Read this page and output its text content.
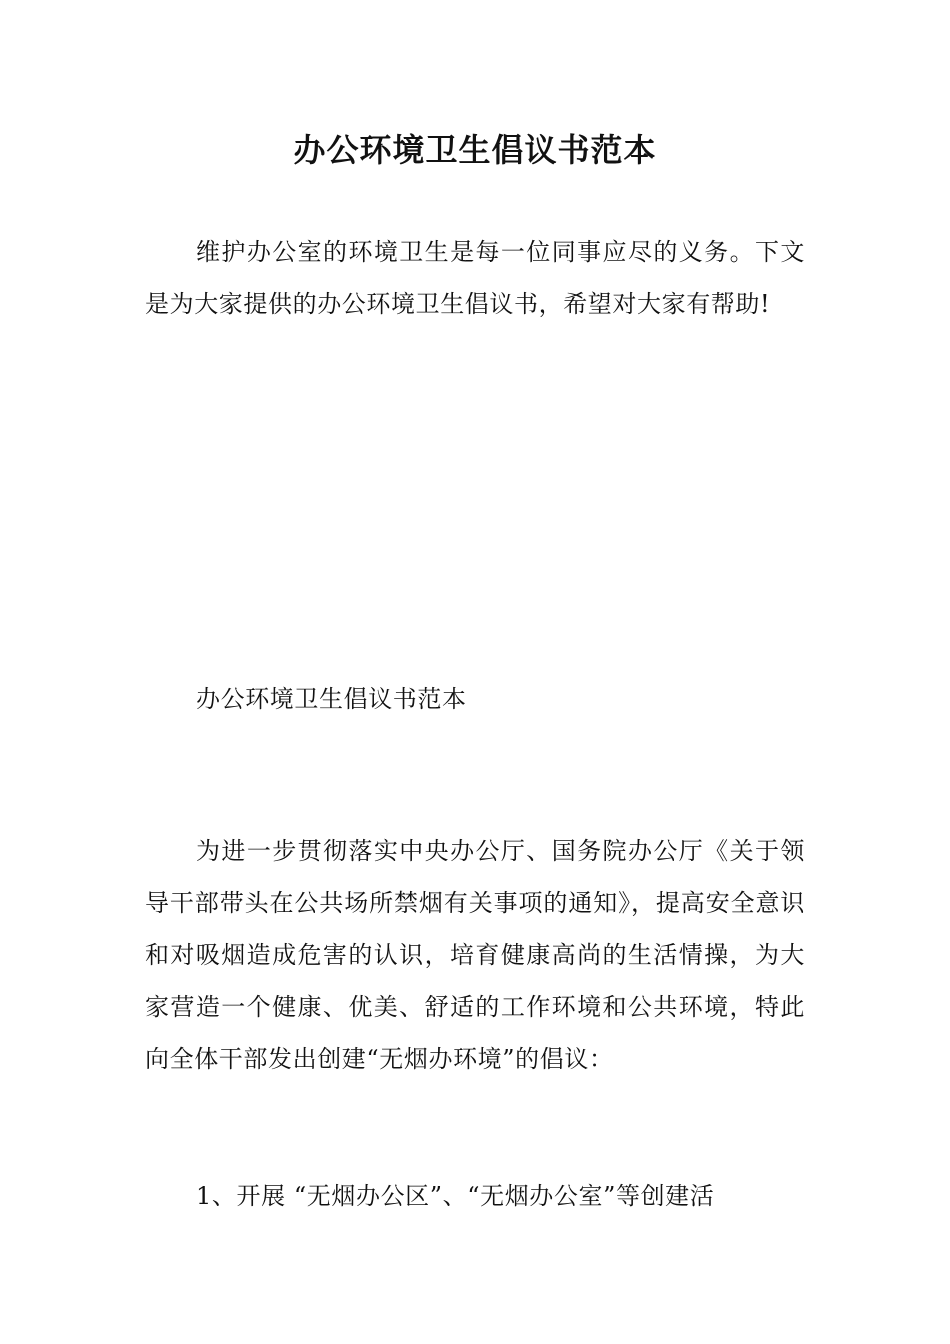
办公环境卫生倡议书范本

维护办公室的环境卫生是每一位同事应尽的义务。下文是为大家提供的办公环境卫生倡议书，希望对大家有帮助!

办公环境卫生倡议书范本

为进一步贯彻落实中央办公厅、国务院办公厅《关于领导干部带头在公共场所禁烟有关事项的通知》，提高安全意识和对吸烟造成危害的认识，培育健康高尚的生活情操，为大家营造一个健康、优美、舒适的工作环境和公共环境，特此向全体干部发出创建“无烟办环境”的倡议：

1、开展 “无烟办公区”、“无烟办公室”等创建活
